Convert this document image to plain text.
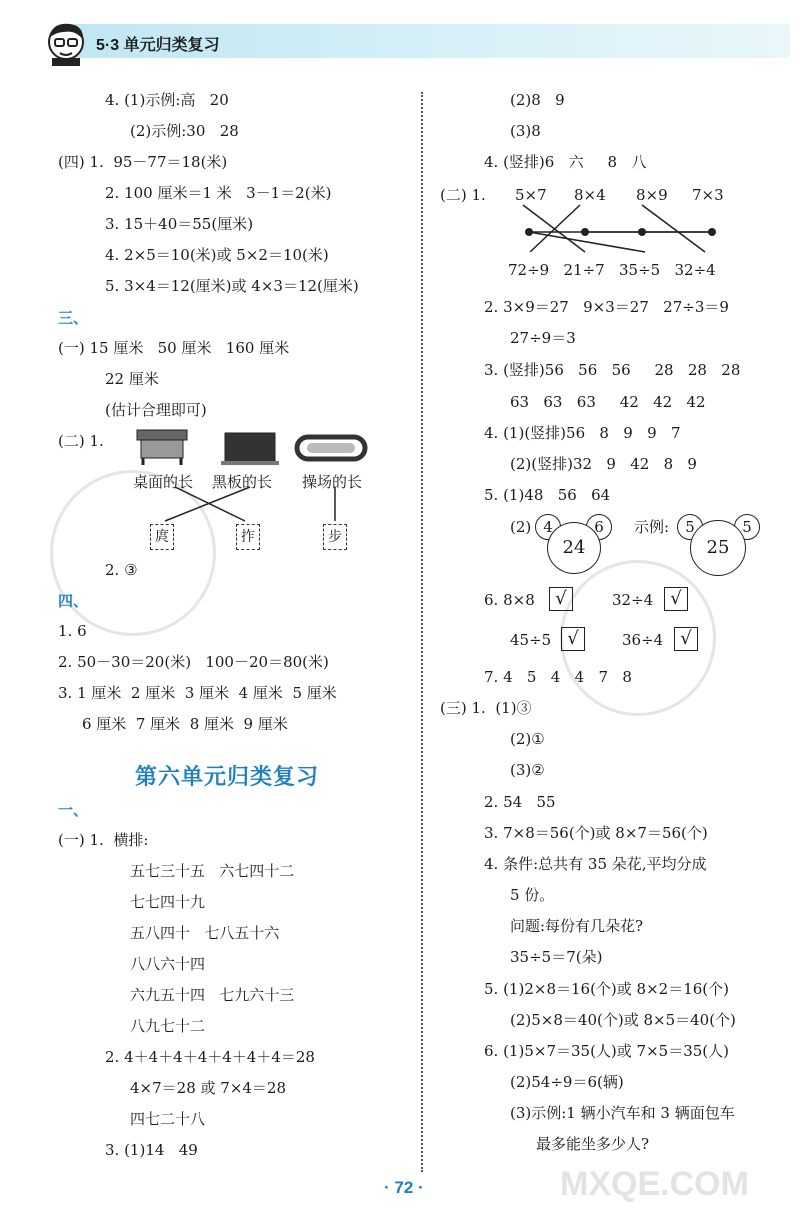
5·3 单元归类复习
MXQE.COM
4. (1)示例:高   20
(2)示例:30   28
(四) 1.  95－77＝18(米)
2. 100 厘米＝1 米   3－1＝2(米)
3. 15＋40＝55(厘米)
4. 2×5＝10(米)或 5×2＝10(米)
5. 3×4＝12(厘米)或 4×3＝12(厘米)
三、
(一) 15 厘米   50 厘米   160 厘米
22 厘米
(估计合理即可)
(二) 1.
桌面的长 黑板的长 操场的长
庹	拃	步
2. ③
四、
1. 6
2. 50－30＝20(米)   100－20＝80(米)
3. 1 厘米  2 厘米  3 厘米  4 厘米  5 厘米
6 厘米  7 厘米  8 厘米  9 厘米
第六单元归类复习
一、
(一) 1.  横排:
五七三十五   六七四十二
七七四十九
五八四十   七八五十六
八八六十四
六九五十四   七九六十三
八九七十二
2. 4＋4＋4＋4＋4＋4＋4＝28
4×7＝28 或 7×4＝28
四七二十八
3. (1)14   49
(2)8   9
(3)8
4. (竖排)6   六     8   八
(二) 1. 5×7 8×4 8×9 7×3
72÷9   21÷7   35÷5   32÷4
2. 3×9＝27   9×3＝27   27÷3＝9
27÷9＝3
3. (竖排)56   56   56     28   28   28
63   63   63     42   42   42
4. (1)(竖排)56   8   9   9   7
(2)(竖排)32   9   42   8   9
5. (1)48   56   64
(2) 4	6
24
示例:	5	5
25
6. 8×8	√	32÷4 √
45÷5 √	36÷4 √
7. 4   5   4   4   7   8
(三) 1.  (1)③
(2)①
(3)②
2. 54   55
3. 7×8＝56(个)或 8×7＝56(个)
4. 条件:总共有 35 朵花,平均分成
5 份。
问题:每份有几朵花?
35÷5＝7(朵)
5. (1)2×8＝16(个)或 8×2＝16(个)
(2)5×8＝40(个)或 8×5＝40(个)
6. (1)5×7＝35(人)或 7×5＝35(人)
(2)54÷9＝6(辆)
(3)示例:1 辆小汽车和 3 辆面包车
最多能坐多少人?
· 72 ·
